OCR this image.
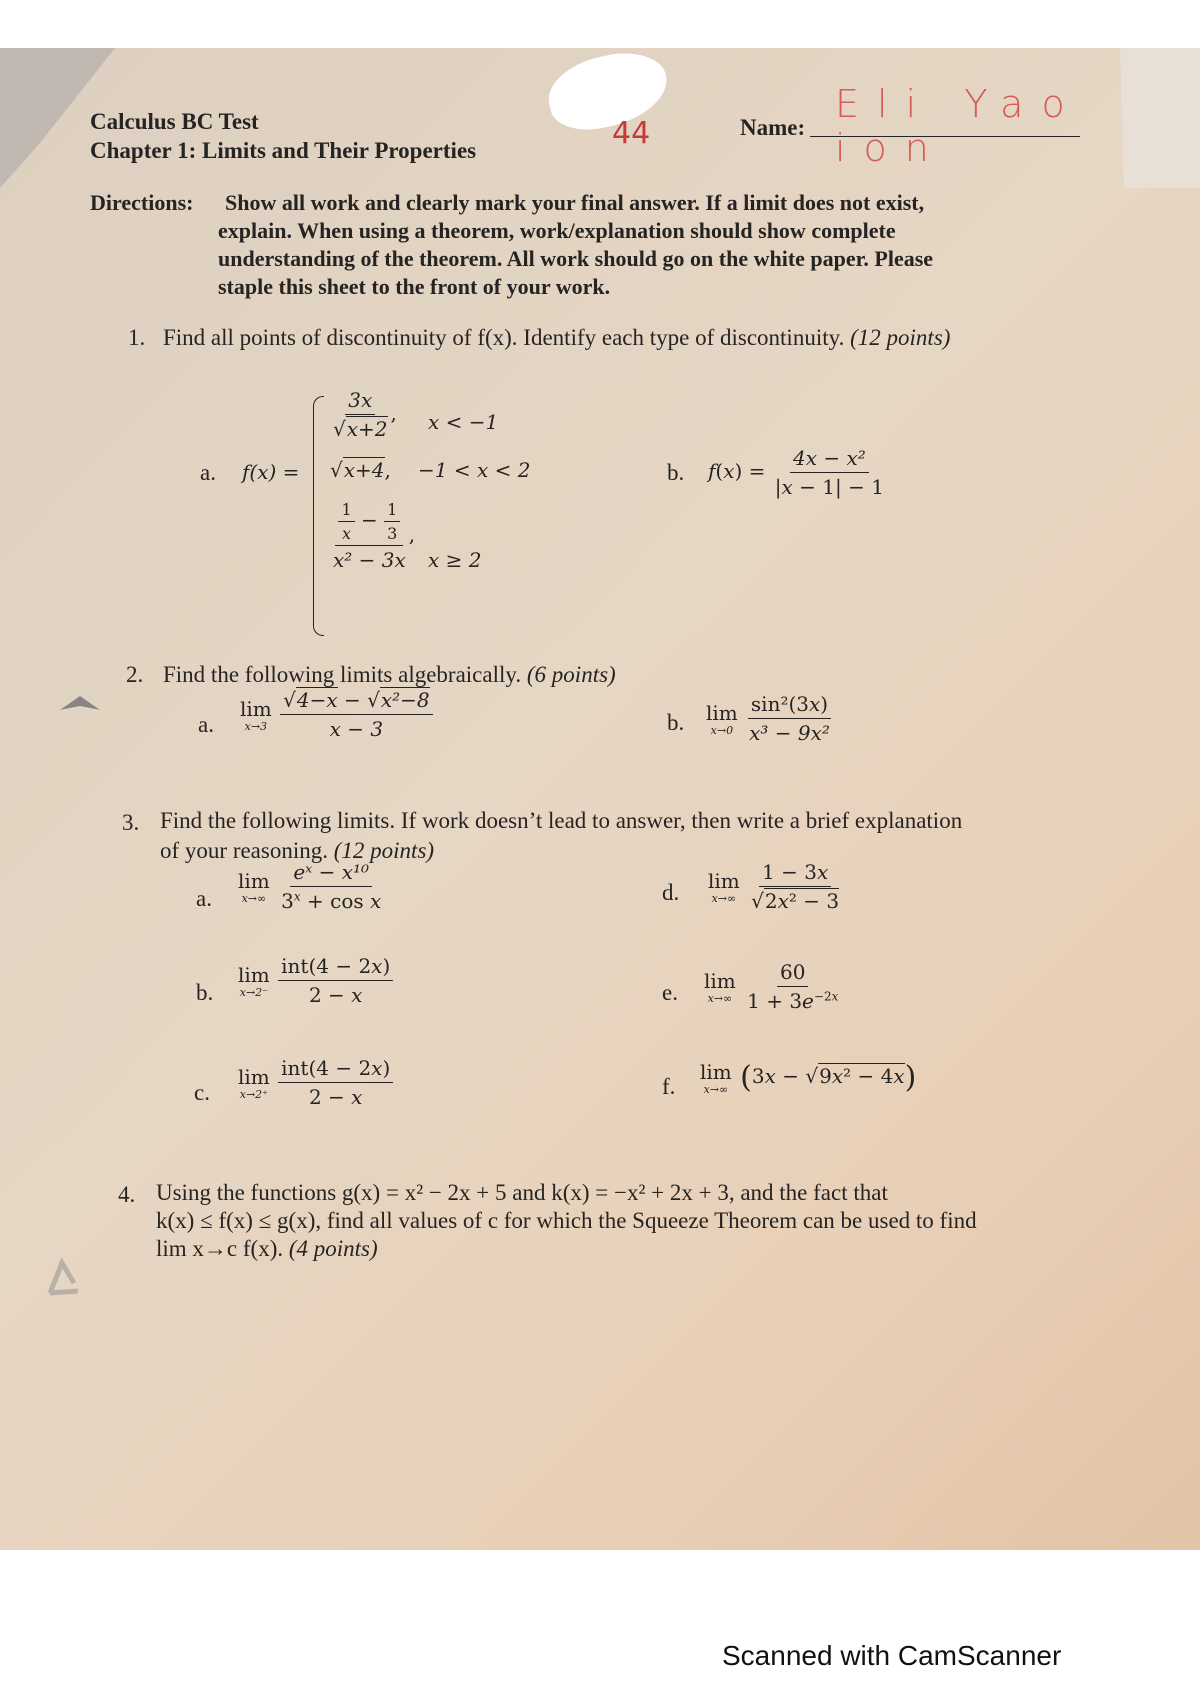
Calculus BC Test
Chapter 1: Limits and Their Properties	44	Name:
Eli Yao ion
Directions: Show all work and clearly mark your final answer. If a limit does not exist,
explain. When using a theorem, work/explanation should show complete
understanding of the theorem. All work should go on the white paper. Please
staple this sheet to the front of your work.
1. Find all points of discontinuity of f(x). Identify each type of discontinuity. (12 points)
a. f(x) =
$\frac{3x}{√x+2}$ , x < −1
√x+4, −1 < x < 2
$\frac{\frac{1}{x} - \frac{1}{3}}{\text{x² − 3x}}$ ,
x ≥ 2
b. $f(x) = \frac{\text{4x − x²}}{|x - 1| - 1}$
2. Find the following limits algebraically. (6 points)
a.
lim
x→3
$\frac{\text{√4−x − √x²−8}}{x - 3}$	b. lim
x→0
$\frac{\text{sin²(3x)}}{\text{x³ − 9x²}}$
3. Find the following limits. If work doesn’t lead to answer, then write a brief explanation
of your reasoning. (12 points)
a.
lim
x→∞
$\frac{\text{eˣ − x¹⁰}}{3^x + \cos x}$
b.
lim
x→2⁻
$\frac{\text{int(4 − 2x)}}{2 - x}$
c.
lim
x→2⁺
$\frac{\text{int(4 − 2x)}}{2 - x}$
d. lim
x→∞
$\frac{1 - 3x}{\text{√2x² − 3}}$
e. lim
x→∞
$\frac{60}{1 + 3e^{-2x}}$
f.
lim
x→∞ (3x − √9x² − 4x)
4. Using the functions g(x) = x² − 2x + 5 and k(x) = −x² + 2x + 3, and the fact that
k(x) ≤ f(x) ≤ g(x), find all values of c for which the Squeeze Theorem can be used to find
lim x→c f(x). (4 points)
Scanned with CamScanner
